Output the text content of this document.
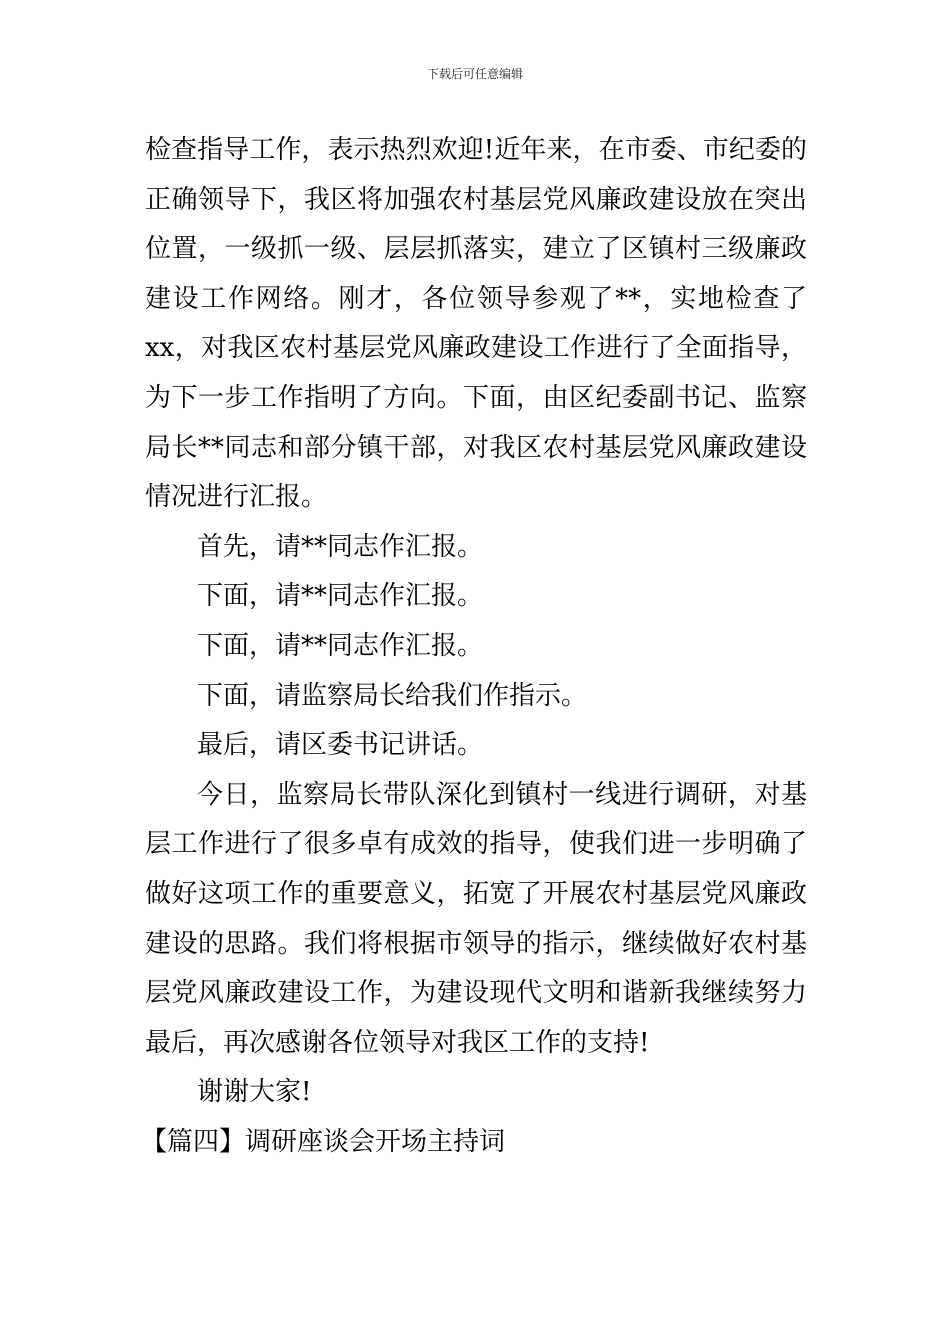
下载后可任意编辑
检查指导工作，表示热烈欢迎!近年来，在市委、市纪委的
正确领导下，我区将加强农村基层党风廉政建设放在突出
位置，一级抓一级、层层抓落实，建立了区镇村三级廉政
建设工作网络。刚才，各位领导参观了**，实地检查了
xx，对我区农村基层党风廉政建设工作进行了全面指导，
为下一步工作指明了方向。下面，由区纪委副书记、监察
局长**同志和部分镇干部，对我区农村基层党风廉政建设
情况进行汇报。
首先，请**同志作汇报。
下面，请**同志作汇报。
下面，请**同志作汇报。
下面，请监察局长给我们作指示。
最后，请区委书记讲话。
今日，监察局长带队深化到镇村一线进行调研，对基
层工作进行了很多卓有成效的指导，使我们进一步明确了
做好这项工作的重要意义，拓宽了开展农村基层党风廉政
建设的思路。我们将根据市领导的指示，继续做好农村基
层党风廉政建设工作，为建设现代文明和谐新我继续努力
最后，再次感谢各位领导对我区工作的支持!
谢谢大家!
【篇四】调研座谈会开场主持词
